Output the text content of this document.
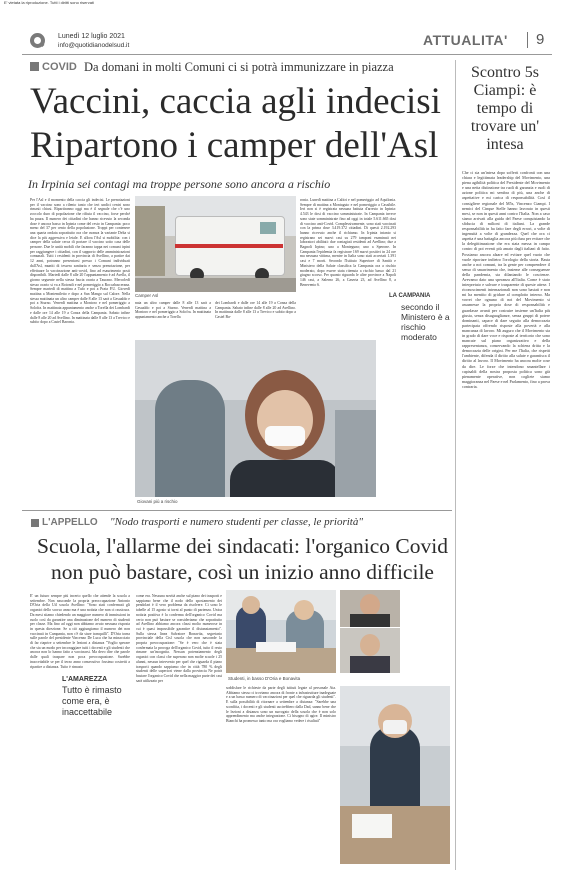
E' vietata la riproduzione. Tutti i diritti sono riservati
Lunedì 12 luglio 2021
info@quotidianodelsud.it	ATTUALITA' 9
COVID Da domani in molti Comuni ci si potrà immunizzare in piazza
Vaccini, caccia agli indecisi
Ripartono i camper dell'Asl
In Irpinia sei contagi ma troppe persone sono ancora a rischio
Per l'Asl e il momento della caccia gli indecisi. Le prenotazioni per il vaccino sono a rilento tanto che ieri undici centri sono rimasti chiusi. Ripartiranno oggi ma è il segnale che c'è uno zoccolo duro di popolazione che rifiuta il vaccino, forse perché ha paura. Il numero dei cittadini che hanno ricevuto la seconda dose è ancora basso in Irpinia come del resto in Campania: poco meno del 37 per cento della popolazione. Troppi per contenere una quarta ondata soprattutto ora che avanza la variante Delta si dice la più aggressiva e letale. E allora l'Asl si mobilita: con i camper della salute cerca di portare il vaccino sotto casa delle persone. Due le unità mobili che faranno tappa nei comuni irpini per raggiungere i cittadini, con il supporto delle amministrazioni comunali. Tutti i residenti in provincia di Avellino, a partire dai 12 anni, potranno presentarsi presso i Comuni individuati dall'Asl, muniti di tessera sanitaria e senza prenotazione, per effettuare la vaccinazione anti-covid, fino ad esaurimento posti disponibili. Martedì dalle 8 alle 20 l'appuntamento è ad Avella, il giorno seguente nella stessa fascia oraria a Taurano. Mercoledì stesso orario si va a Rotondi e nel pomeriggio a Roccabascerana. Sempre martedì di mattina a Tufo e poi a Prata P.U. Giovedì mattina a Montemiletto e dopo a San Mango sul Calore. Nella stessa mattinata un altro camper dalle 8 alle 13 sarà a Gesualdo e poi a Sturno. Venerdì mattina a Montoro e nel pomeriggio a Solofra. In mattinata appuntamento anche a Torella dei Lombardi e dalle ore 14 alle 19 a Conza della Campania. Sabato infine dalle 8 alle 20 ad Avellino. In mattinata dalle 8 alle 13 a Trevico e subito dopo a Castel Baronia.
Camper Asl
nata un altro camper dalle 8 alle 13 sarà a Gesualdo e poi a Sturno. Venerdì mattina a Montoro e nel pomeriggio a Solofra. In mattinata appuntamento anche a Torella
dei Lombardi e dalle ore 14 alle 19 a Conza della Campania. Sabato infine dalle 8 alle 20 ad Avellino. In mattinata dalle 8 alle 13 a Trevico e subito dopo a Castel Ba-
Giovani più a rischio
ronia. Lunedì mattina a Calitri e nel pomeriggio ad Aquilonia. Sempre di mattina a Montaguto e nel pomeriggio a Cassibile. Ieri non si è registrata nessuna battuta d'arresto in Irpinia: 4.543 le dosi di vaccino somministrate. In Campania invece sono state somministrate fino ad oggi in totale 5.611.665 dosi di vaccino anti-Covid. Complessivamente, sono stati vaccinati con la prima dose 3.419.372 cittadini. Di questi 2.192.293 hanno ricevuto anche il richiamo. In Irpinia intanto si registrano sei nuovi casi su 279 tamponi esaminati nei laboratori abilitati: due contagiati residenti ad Avellino; due a Bagnoli Irpino; uno a Monteguno; uno a Sperone. In Campania l'epidemia fa registrare 169 nuovi positivi in 24 ore ma nessuna vittima, mentre in Italia sono stati accertati 1.391 casi e 7 morti. Secondo l'Istituto Superiore di Sanità e Ministero della Salute classifica la Campania ora a rischio moderato, dopo essere stata ritenuta a rischio basso dal 21 giugno scorso. Per quanto riguarda le altre province a Napoli 146 casi, a Salerno 26, a Caserta 23, ad Avellino 8, a Benevento 6.
LA CAMPANIA
secondo il Ministero è a rischio moderato
Scontro 5s Ciampi: è tempo di trovare un' intesa
Che ci sia un'intesa dopo sofferti confronti con una chiara e legittimata leadership del Movimento, una piena agibilità politica del Presidente del Movimento e una netta distinzione tra ruoli di garanzia e ruoli di azione politica mi sembra di più, una anche di aspettative e mi carica di responsabilità. Così il consigliere regionale del M5s, Vincenzo Ciampi. I nemici del Cinque Stelle hanno lavorato in questi mesi, se non in questi anni contro l'Italia. Non a caso siamo arrivati alla guida del Paese conquistando la sfiducia di milioni di italiani. La grande responsabilità in ha fatto fare degli errori, a volte di ingenuità a volte di grandezza. Quel che ora ci aspetta è una battaglia ancora più dura per evitare che la delegittimazione che era stata messa in campo contro di poi eventi più amato dagli italiani di fatto. Possiamo ancora alzare ed evitare quel vuoto che vuole riportare indietro l'orologio della storia. Basta anche a noi comuni, tra la gente per comprendere il senso di smarrimento che, insieme alle conseguenze della pandemia, sta dilaniando le coscienze. Avevamo dato una speranza all'Italia. Come è stato interpretato e salvare e trasparente di queste attese. I riconoscimenti internazionali non sono bastati e non mi ha mentito di gridare al complotto interno. Ma vorrei che ognuno di noi del Movimento si assumesse la propria dose di responsabilità e guardasse avanti per costruire insieme un'Italia più giusta, senza disuguaglianze, senza gruppi di potere dominanti, capace di dare seguito alla democrazia partecipata offrendo risposte alla povertà e alla mancanza di lavoro. Mi auguro che il Movimento sia in grado di dare voce e risposte al territorio che sono mancate sul piano organizzativo e della rappresentanza, conservando la schiena dritta e la democrazia delle origini. Per me l'Italia, che rispetti l'ambiente, difenda il diritto alla salute e garantisca il diritto al lavoro. Il Movimento ha ancora molte cose da dire. Le forze che intendono smantellare i capisaldi della nostra proposta politica sono già pienamente operative, non cogliete siamo maggioranza nel Paese e nel Parlamento, fino a prova contraria.
L'APPELLO "Nodo trasporti e numero studenti per classe, le priorità"
Scuola, l'allarme dei sindacati: l'organico Covid
non può bastare, così un inizio anno difficile
E' un futuro sempre più incerto quello che attende la scuola a settembre. Non nasconde la propria preoccupazione Antonio D'Oria della Uil scuola Avellino: "Sono stati confermati gli organici dello scorso anno ma è una notizia che non ci rassicura. Da mesi stiamo chiedendo un maggiore numero di immissioni in ruolo così da garantire una diminuzione del numero di studenti per classe. Ma fino ad oggi non abbiamo avuto nessuna risposta in questa direzione. Se a ciò aggiungiamo il numero dei non vaccinati in Campania, non c'è da stare tranquilli". D'Oria torna sulle parole del presidente Vincenzo De Luca che ha minacciato di far riaprire a settembre le lezioni a distanza "Voglio sperare che sia un modo per incoraggiare tutti i docenti e gli studenti che ancora non lo hanno fatto a vaccinarsi. Ma devo dire che parole dalle quali traspare non poca preoccupazione. Sarebbe inaccettabile se per il terzo anno consecutivo fossimo costretti a ripartire a distanza. Tutto è rimasto
L'AMAREZZA
Tutto è rimasto come era, è inaccettabile
come era. Nessuna novità anche sul piano dei trasporti e sappiamo bene che il nodo dello spostamento dei pendolari è il vero problema da risolvere. Ci sono le tabelle al 15 agosto si torni al punto di partenza. Unica notizia positiva è la conferma dell'organico Covid ma certo non può bastare se consideriamo che soprattutto ad Avellino abbiamo ancora classi molto numerose in cui è quasi impossibile garantire il distanziamento". Sulla stessa linea Salvatore Bonavita, segretario provinciale della Cisl scuola che non nasconde la propria preoccupazione: "Se è vero che è stata confermata la proroga dell'organico Covid, tutto il resto rimane un'incognita. Nessun potenziamento degli organici con classi che superano non molte scuole i 25 alunni, nessun intervento per quel che riguarda il piano trasporti quando sappiamo che in città 780 % degli studenti delle superiori viene dalla provincia Ne potrà bastare l'organico Covid che nella maggior parte dei casi sarà utilizzato per	Studenti, in basso D'Oria e Bonavita
soddisfare le richieste da parte degli istituti legate al personale Ata. Abbiamo stesso ci troviamo ancora di fronte a infrastrutture inadeguate e a un basso numero di vaccinazioni per quel che riguarda gli studenti". E sulla possibilità di ritornare a settembre a distanza: "Sarebbe una sconfitta, i docenti e gli studenti uscirebbero dalla Dad, sanno bene che le lezioni a distanza sono un surrogato della scuola che è non solo apprendimento ma anche integrazione. Ci bisogno di agire. Il ministro Bianchi ha promesso tanto ma ora vogliamo vedere i risultati"
